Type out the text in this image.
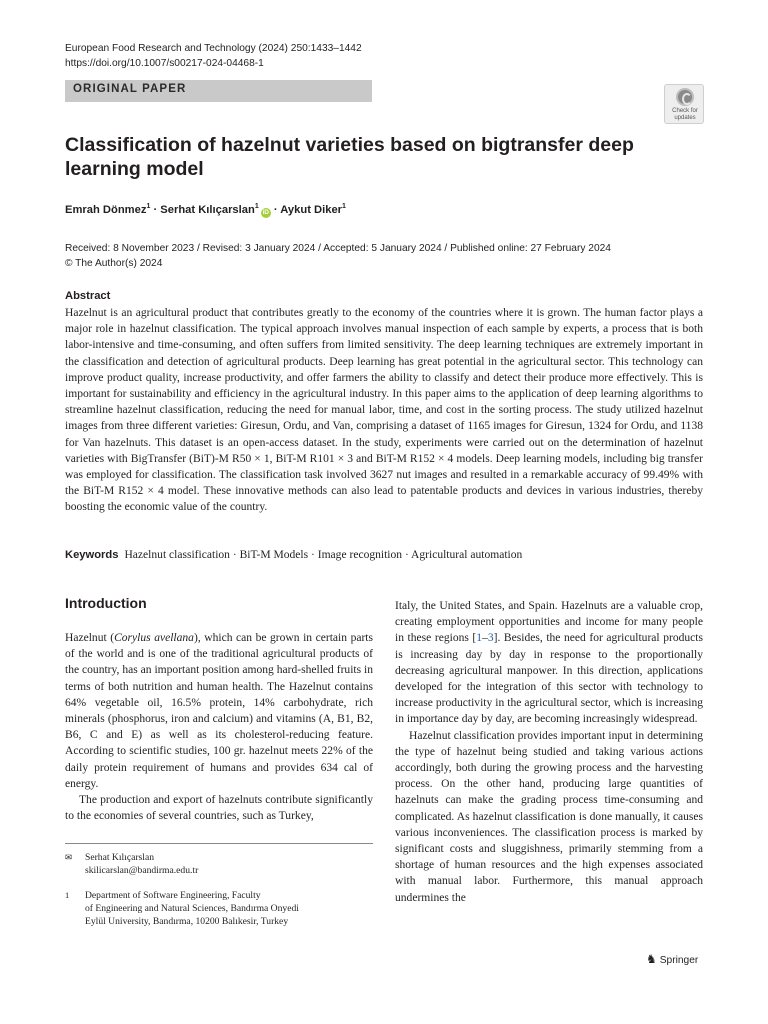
European Food Research and Technology (2024) 250:1433–1442
https://doi.org/10.1007/s00217-024-04468-1
ORIGINAL PAPER
Check for
updates
Classification of hazelnut varieties based on bigtransfer deep learning model
Emrah Dönmez$^1$ · Serhat Kılıçarslan$^1$iD · Aykut Diker$^1$
Received: 8 November 2023 / Revised: 3 January 2024 / Accepted: 5 January 2024 / Published online: 27 February 2024
© The Author(s) 2024
Abstract

Hazelnut is an agricultural product that contributes greatly to the economy of the countries where it is grown. The human factor plays a major role in hazelnut classification. The typical approach involves manual inspection of each sample by experts, a process that is both labor-intensive and time-consuming, and often suffers from limited sensitivity. The deep learning techniques are extremely important in the classification and detection of agricultural products. Deep learning has great potential in the agricultural sector. This technology can improve product quality, increase productivity, and offer farmers the ability to classify and detect their produce more effectively. This is important for sustainability and efficiency in the agricultural industry. In this paper aims to the application of deep learning algorithms to streamline hazelnut classification, reducing the need for manual labor, time, and cost in the sorting process. The study utilized hazelnut images from three different varieties: Giresun, Ordu, and Van, comprising a dataset of 1165 images for Giresun, 1324 for Ordu, and 1138 for Van hazelnuts. This dataset is an open-access dataset. In the study, experiments were carried out on the determination of hazelnut varieties with BigTransfer (BiT)-M R50 × 1, BiT-M R101 × 3 and BiT-M R152 × 4 models. Deep learning models, including big transfer was employed for classification. The classification task involved 3627 nut images and resulted in a remarkable accuracy of 99.49% with the BiT-M R152 × 4 model. These innovative methods can also lead to patentable products and devices in various industries, thereby boosting the economic value of the country.

Keywords Hazelnut classification · BiT-M Models · Image recognition · Agricultural automation
Introduction

Hazelnut (Corylus avellana), which can be grown in certain parts of the world and is one of the traditional agricultural products of the country, has an important position among hard-shelled fruits in terms of both nutrition and human health. The Hazelnut contains 64% vegetable oil, 16.5% protein, 14% carbohydrate, rich minerals (phosphorus, iron and calcium) and vitamins (A, B1, B2, B6, C and E) as well as its cholesterol-reducing feature. According to scientific studies, 100 gr. hazelnut meets 22% of the daily protein requirement of humans and provides 634 cal of energy.

The production and export of hazelnuts contribute significantly to the economies of several countries, such as Turkey,

Italy, the United States, and Spain. Hazelnuts are a valuable crop, creating employment opportunities and income for many people in these regions [1–3]. Besides, the need for agricultural products is increasing day by day in response to the proportionally decreasing agricultural manpower. In this direction, applications developed for the integration of this sector with technology to increase productivity in the agricultural sector, which is increasing in importance day by day, are becoming increasingly widespread.

Hazelnut classification provides important input in determining the type of hazelnut being studied and taking various actions accordingly, both during the growing process and the harvesting process. On the other hand, producing large quantities of hazelnuts can make the grading process time-consuming and complicated. As hazelnut classification is done manually, it causes various inconveniences. The classification process is marked by significant costs and sluggishness, primarily stemming from a shortage of human resources and the high expenses associated with manual labor. Furthermore, this manual approach undermines the

✉ Serhat Kılıçarslan
skilicarslan@bandirma.edu.tr
1 Department of Software Engineering, Faculty
of Engineering and Natural Sciences, Bandırma Onyedi
Eylül University, Bandırma, 10200 Balıkesir, Turkey
♞ Springer
